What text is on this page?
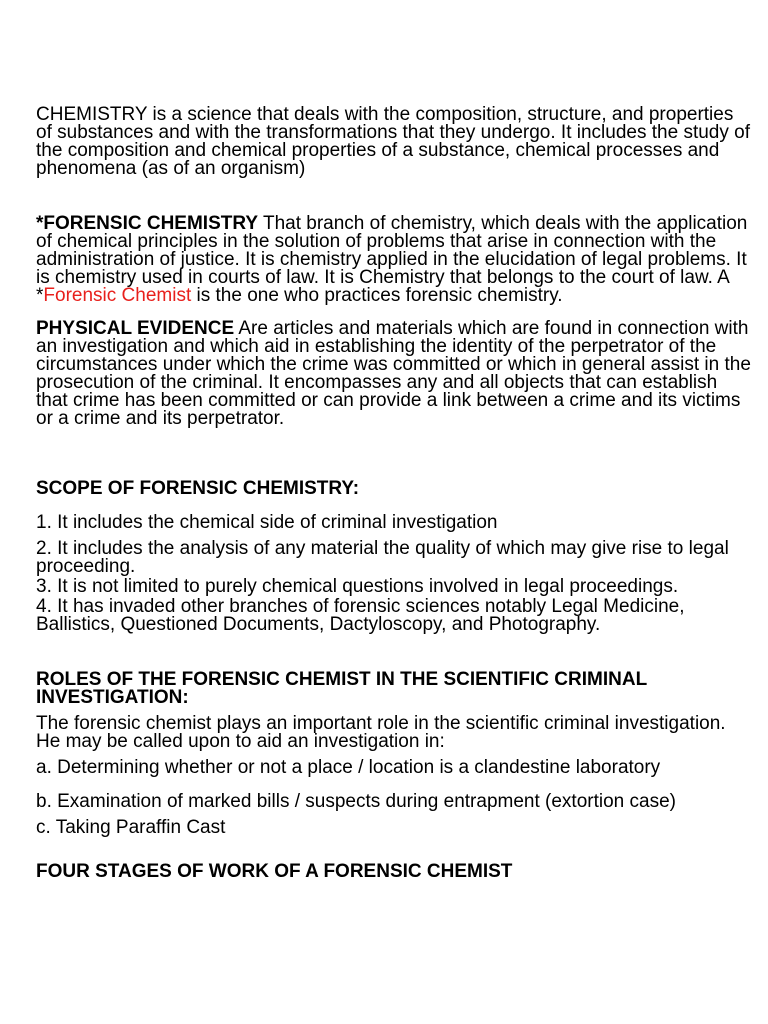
CHEMISTRY is a science that deals with the composition, structure, and properties of substances and with the transformations that they undergo. It includes the study of the composition and chemical properties of a substance, chemical processes and phenomena (as of an organism)

*FORENSIC CHEMISTRY That branch of chemistry, which deals with the application of chemical principles in the solution of problems that arise in connection with the administration of justice. It is chemistry applied in the elucidation of legal problems. It is chemistry used in courts of law. It is Chemistry that belongs to the court of law. A *Forensic Chemist is the one who practices forensic chemistry.

PHYSICAL EVIDENCE Are articles and materials which are found in connection with an investigation and which aid in establishing the identity of the perpetrator of the circumstances under which the crime was committed or which in general assist in the prosecution of the criminal. It encompasses any and all objects that can establish that crime has been committed or can provide a link between a crime and its victims or a crime and its perpetrator.

SCOPE OF FORENSIC CHEMISTRY:

1. It includes the chemical side of criminal investigation

2. It includes the analysis of any material the quality of which may give rise to legal proceeding.

3. It is not limited to purely chemical questions involved in legal proceedings.

4. It has invaded other branches of forensic sciences notably Legal Medicine, Ballistics, Questioned Documents, Dactyloscopy, and Photography.

ROLES OF THE FORENSIC CHEMIST IN THE SCIENTIFIC CRIMINAL INVESTIGATION:

The forensic chemist plays an important role in the scientific criminal investigation. He may be called upon to aid an investigation in:

a. Determining whether or not a place / location is a clandestine laboratory

b. Examination of marked bills / suspects during entrapment (extortion case)

c. Taking Paraffin Cast

FOUR STAGES OF WORK OF A FORENSIC CHEMIST
